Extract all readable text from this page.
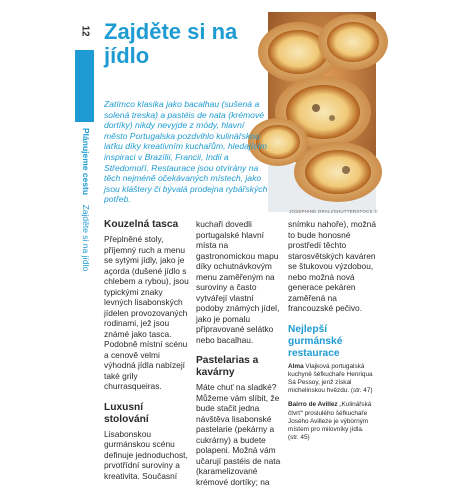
12
Plánujeme cestu    Zajděte si na jídlo
Zajděte si na jídlo
JOSEPHINE.ORALI/SHUTTERSTOCK ©
Zatímco klasika jako bacalhau (sušená a
solená treska) a pastéis de nata (krémové
dortíky) nikdy nevyjde z módy, hlavní
město Portugalska pozdvihlo kulinářskou
laťku díky kreativním kuchařům, hledajícím
inspiraci v Brazílii, Francii, Indii a
Středomoří. Restaurace jsou otvírány na
těch nejméně očekávaných místech, jako
jsou kláštery či bývalá prodejna rybářských
potřeb.
Kouzelná tasca
Přeplněné stoly, příjemný ruch a menu se sytými jídly, jako je açorda (dušené jídlo s chlebem a rybou), jsou typickými znaky levných lisabonských jídelen provozovaných rodinami, jež jsou známé jako tasca. Podobně místní scénu a cenově velmi výhodná jídla nabízejí také grily churrasqueiras.
Luxusní stolování
Lisabonskou gurmánskou scénu definuje jednoduchost, prvotřídní suroviny a kreativita. Současní
kuchaři dovedli portugalské hlavní místa na gastronomickou mapu díky ochutnávkovým menu zaměřeným na suroviny a často vytvářejí vlastní podoby známých jídel, jako je pomalu připravované selátko nebo bacalhau.
Pastelarias a kavárny
Máte chuť na sladké? Můžeme vám slíbit, že bude stačit jedna návštěva lisabonské pastelarie (pekárny a cukrárny) a budete polapeni. Možná vám učarují pastéis de nata (karamelizované krémové dortíky; na
snímku nahoře), možná to bude honosné prostředí těchto starosvětských kaváren se štukovou výzdobou, nebo možná nová generace pekáren zaměřená na francouzské pečivo.
Nejlepší gurmánské restaurace
Alma Vlajková portugalská kuchyně šéfkuchaře Henriqua Sá Pessoy, jenž získal michelinskou hvězdu. (str. 47)
Bairro de Avillez „Kulinářská čtvrť“ proslulého šéfkuchaře Josého Avilleze je výborným místem pro milovníky jídla. (str. 45)
